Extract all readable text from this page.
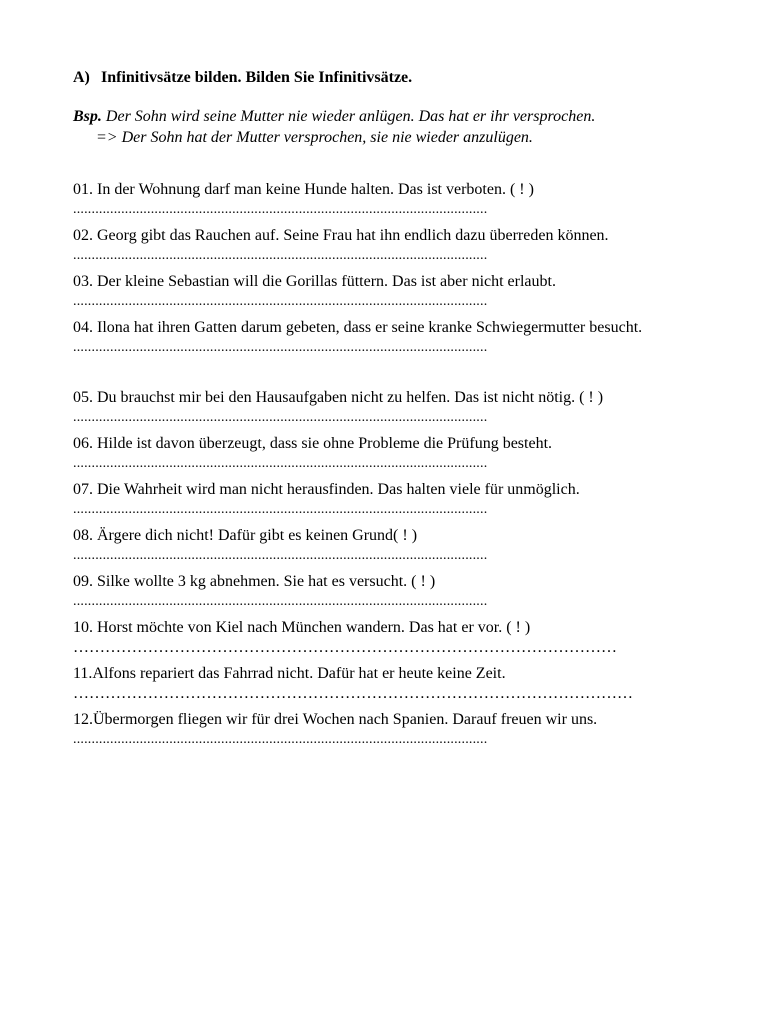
A) Infinitivsätze bilden. Bilden Sie Infinitivsätze.
Bsp. Der Sohn wird seine Mutter nie wieder anlügen. Das hat er ihr versprochen.
=> Der Sohn hat der Mutter versprochen, sie nie wieder anzulügen.
01. In der Wohnung darf man keine Hunde halten. Das ist verboten. ( ! )
................................................................................................................
02. Georg gibt das Rauchen auf. Seine Frau hat ihn endlich dazu überreden können.
................................................................................................................
03. Der kleine Sebastian will die Gorillas füttern. Das ist aber nicht erlaubt.
................................................................................................................
04. Ilona hat ihren Gatten darum gebeten, dass er seine kranke Schwiegermutter besucht.
................................................................................................................
05. Du brauchst mir bei den Hausaufgaben nicht zu helfen. Das ist nicht nötig. ( ! )
................................................................................................................
06. Hilde ist davon überzeugt, dass sie ohne Probleme die Prüfung besteht.
................................................................................................................
07. Die Wahrheit wird man nicht herausfinden. Das halten viele für unmöglich.
................................................................................................................
08. Ärgere dich nicht! Dafür gibt es keinen Grund( ! )
................................................................................................................
09. Silke wollte 3 kg abnehmen. Sie hat es versucht. ( ! )
................................................................................................................
10. Horst möchte von Kiel nach München wandern. Das hat er vor. ( ! )
…………………………………………………………………………………………
11.Alfons repariert das Fahrrad nicht. Dafür hat er heute keine Zeit.
……………………………………………………………………………………………
12.Übermorgen fliegen wir für drei Wochen nach Spanien. Darauf freuen wir uns.
................................................................................................................
